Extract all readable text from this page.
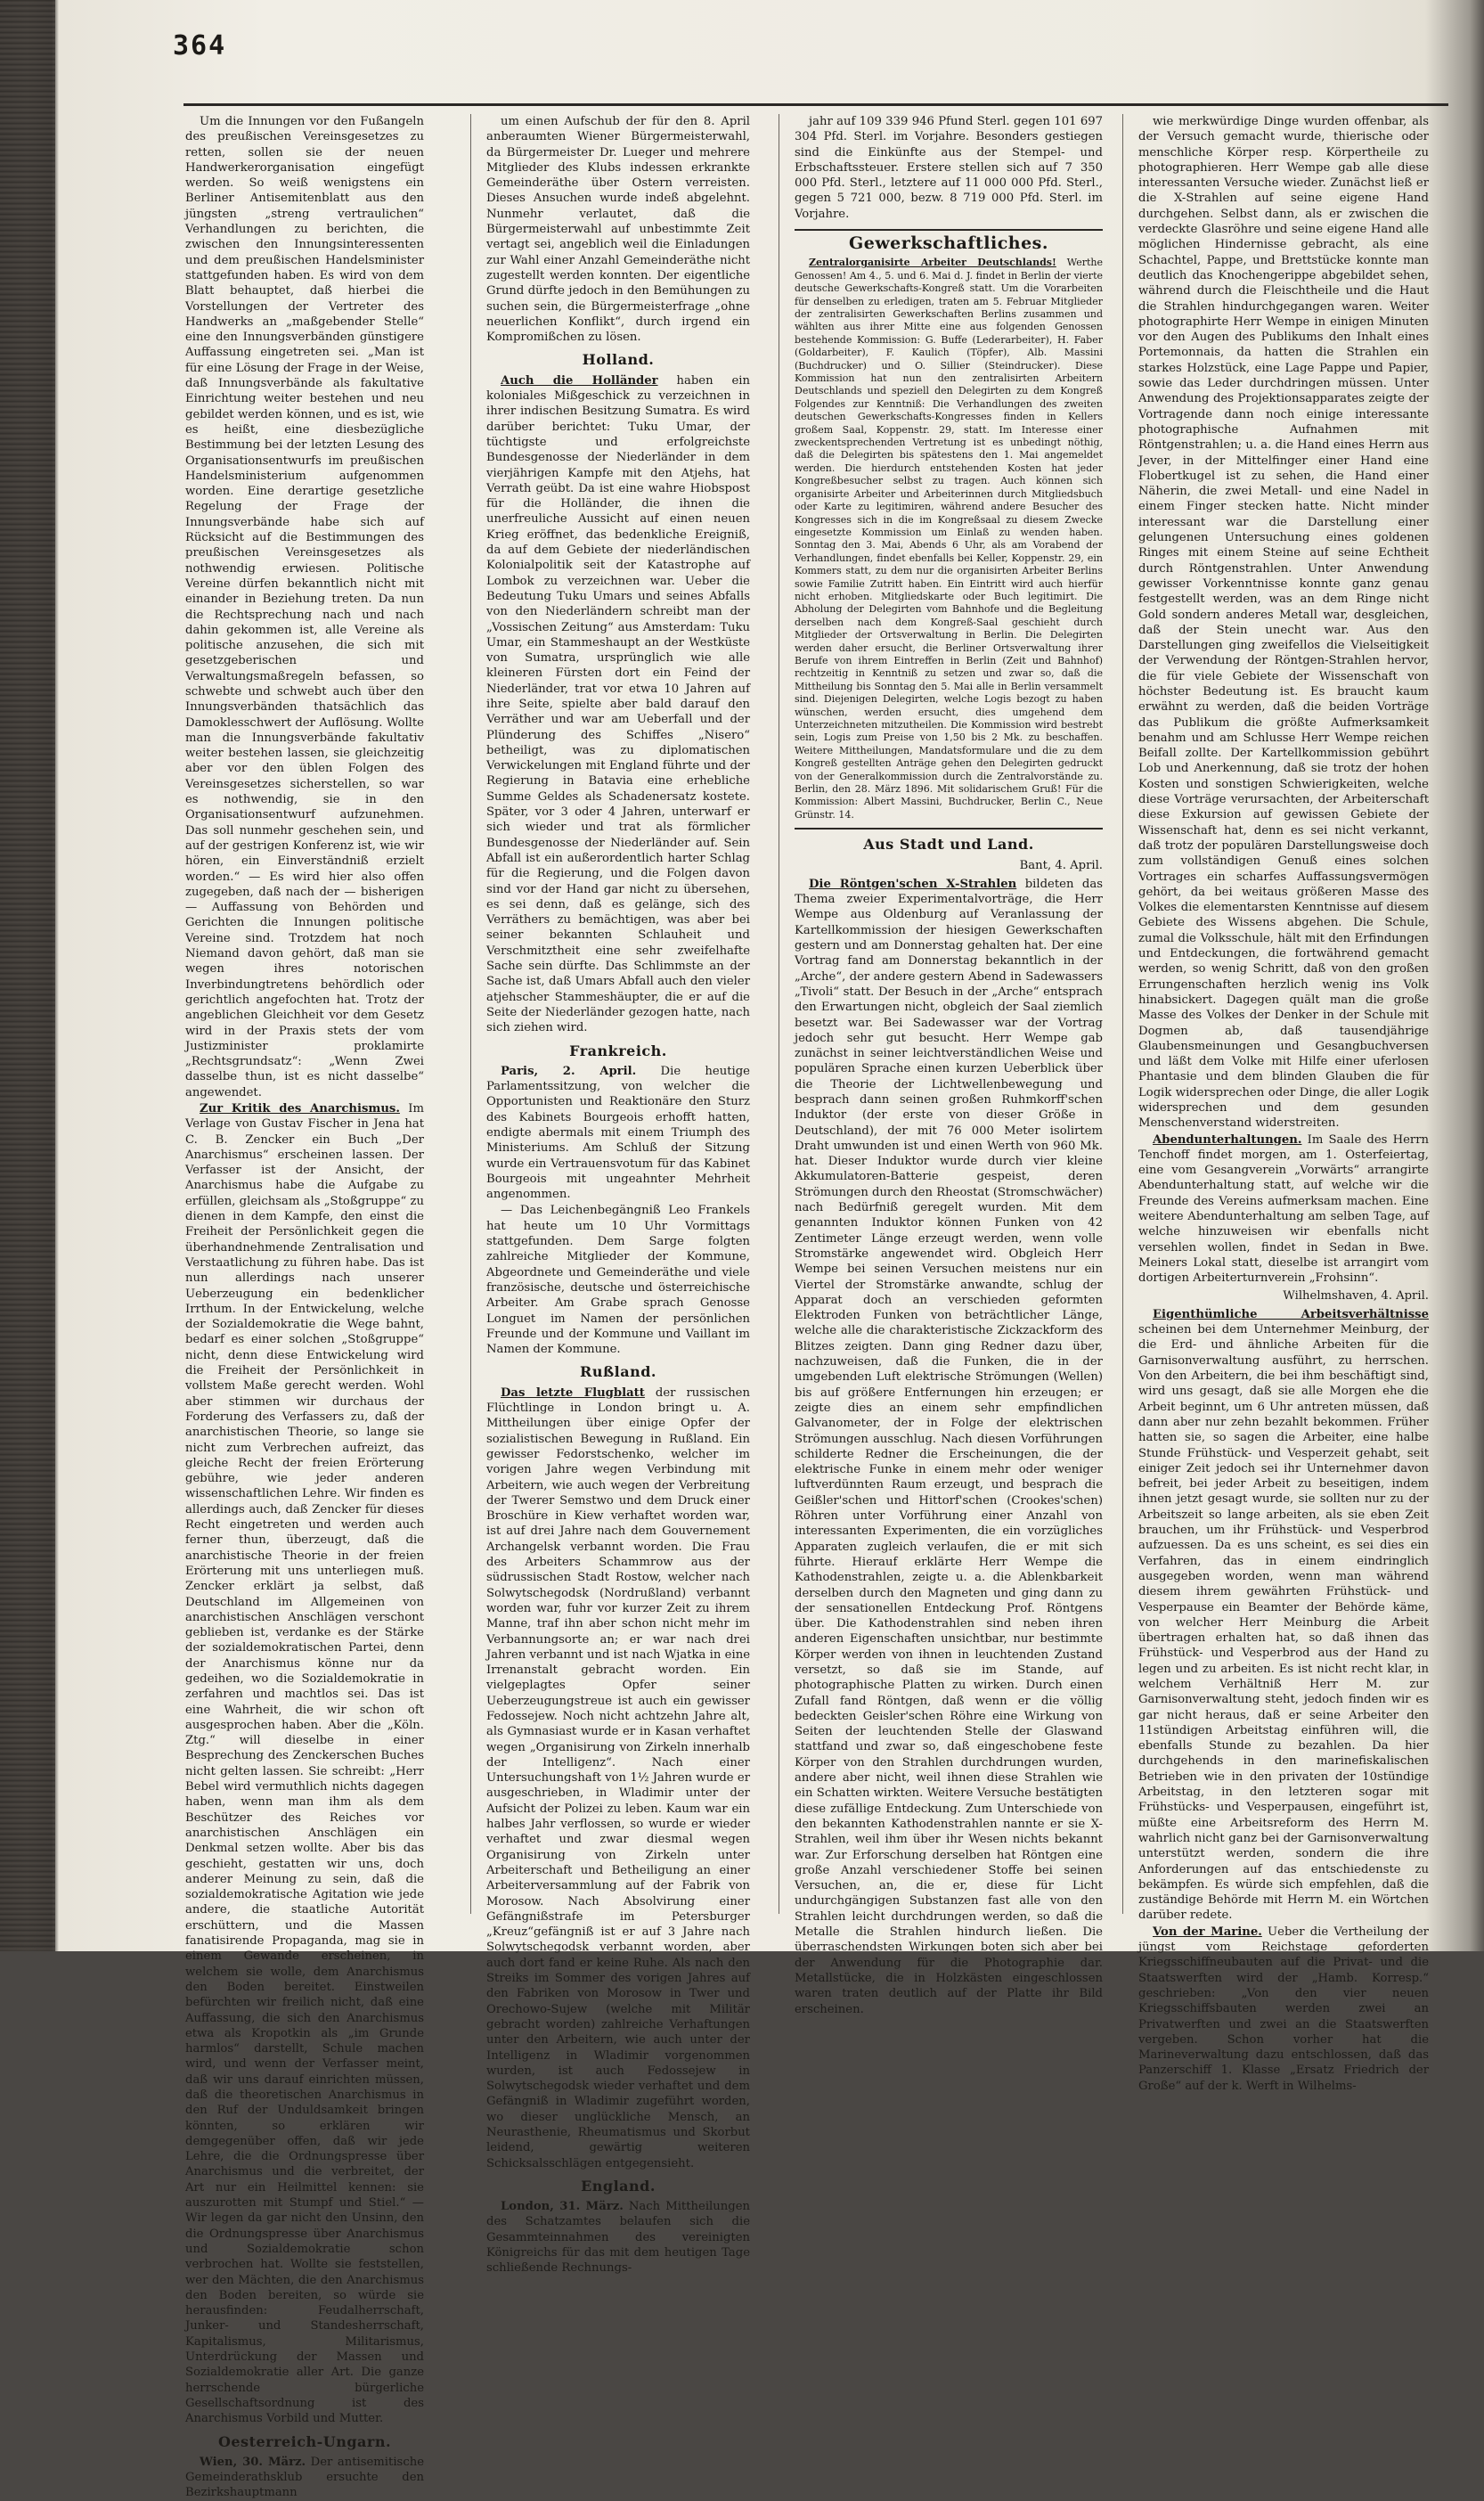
364

Um die Innungen vor den Fußangeln des preußischen Vereinsgesetzes zu retten, sollen sie der neuen Handwerkerorganisation eingefügt werden. So weiß wenigstens ein Berliner Antisemitenblatt aus den jüngsten „streng vertraulichen“ Verhandlungen zu berichten, die zwischen den Innungsinteressenten und dem preußischen Handelsminister stattgefunden haben. Es wird von dem Blatt behauptet, daß hierbei die Vorstellungen der Vertreter des Handwerks an „maßgebender Stelle“ eine den Innungsverbänden günstigere Auffassung eingetreten sei. „Man ist für eine Lösung der Frage in der Weise, daß Innungsverbände als fakultative Einrichtung weiter bestehen und neu gebildet werden können, und es ist, wie es heißt, eine diesbezügliche Bestimmung bei der letzten Lesung des Organisationsentwurfs im preußischen Handelsministerium aufgenommen worden. Eine derartige gesetzliche Regelung der Frage der Innungsverbände habe sich auf Rücksicht auf die Bestimmungen des preußischen Vereinsgesetzes als nothwendig erwiesen. Politische Vereine dürfen bekanntlich nicht mit einander in Beziehung treten. Da nun die Rechtsprechung nach und nach dahin gekommen ist, alle Vereine als politische anzusehen, die sich mit gesetzgeberischen und Verwaltungsmaßregeln befassen, so schwebte und schwebt auch über den Innungsverbänden thatsächlich das Damoklesschwert der Auflösung. Wollte man die Innungsverbände fakultativ weiter bestehen lassen, sie gleichzeitig aber vor den üblen Folgen des Vereinsgesetzes sicherstellen, so war es nothwendig, sie in den Organisationsentwurf aufzunehmen. Das soll nunmehr geschehen sein, und auf der gestrigen Konferenz ist, wie wir hören, ein Einverständniß erzielt worden.“ — Es wird hier also offen zugegeben, daß nach der — bisherigen — Auffassung von Behörden und Gerichten die Innungen politische Vereine sind. Trotzdem hat noch Niemand davon gehört, daß man sie wegen ihres notorischen Inverbindungtretens behördlich oder gerichtlich angefochten hat. Trotz der angeblichen Gleichheit vor dem Gesetz wird in der Praxis stets der vom Justizminister proklamirte „Rechtsgrundsatz“: „Wenn Zwei dasselbe thun, ist es nicht dasselbe“ angewendet.

Zur Kritik des Anarchismus. Im Verlage von Gustav Fischer in Jena hat C. B. Zencker ein Buch „Der Anarchismus“ erscheinen lassen. Der Verfasser ist der Ansicht, der Anarchismus habe die Aufgabe zu erfüllen, gleichsam als „Stoßgruppe“ zu dienen in dem Kampfe, den einst die Freiheit der Persönlichkeit gegen die überhandnehmende Zentralisation und Verstaatlichung zu führen habe. Das ist nun allerdings nach unserer Ueberzeugung ein bedenklicher Irrthum. In der Entwickelung, welche der Sozialdemokratie die Wege bahnt, bedarf es einer solchen „Stoßgruppe“ nicht, denn diese Entwickelung wird die Freiheit der Persönlichkeit in vollstem Maße gerecht werden. Wohl aber stimmen wir durchaus der Forderung des Verfassers zu, daß der anarchistischen Theorie, so lange sie nicht zum Verbrechen aufreizt, das gleiche Recht der freien Erörterung gebühre, wie jeder anderen wissenschaftlichen Lehre. Wir finden es allerdings auch, daß Zencker für dieses Recht eingetreten und werden auch ferner thun, überzeugt, daß die anarchistische Theorie in der freien Erörterung mit uns unterliegen muß. Zencker erklärt ja selbst, daß Deutschland im Allgemeinen von anarchistischen Anschlägen verschont geblieben ist, verdanke es der Stärke der sozialdemokratischen Partei, denn der Anarchismus könne nur da gedeihen, wo die Sozialdemokratie in zerfahren und machtlos sei. Das ist eine Wahrheit, die wir schon oft ausgesprochen haben. Aber die „Köln. Ztg.“ will dieselbe in einer Besprechung des Zenckerschen Buches nicht gelten lassen. Sie schreibt: „Herr Bebel wird vermuthlich nichts dagegen haben, wenn man ihm als dem Beschützer des Reiches vor anarchistischen Anschlägen ein Denkmal setzen wollte. Aber bis das geschieht, gestatten wir uns, doch anderer Meinung zu sein, daß die sozialdemokratische Agitation wie jede andere, die staatliche Autorität erschüttern, und die Massen fanatisirende Propaganda, mag sie in einem Gewande erscheinen, in welchem sie wolle, dem Anarchismus den Boden bereitet. Einstweilen befürchten wir freilich nicht, daß eine Auffassung, die sich den Anarchismus etwa als Kropotkin als „im Grunde harmlos“ darstellt, Schule machen wird, und wenn der Verfasser meint, daß wir uns darauf einrichten müssen, daß die theoretischen Anarchismus in den Ruf der Unduldsamkeit bringen könnten, so erklären wir demgegenüber offen, daß wir jede Lehre, die die Ordnungspresse über Anarchismus und die verbreitet, der Art nur ein Heilmittel kennen: sie auszurotten mit Stumpf und Stiel.“ — Wir legen da gar nicht den Unsinn, den die Ordnungspresse über Anarchismus und Sozialdemokratie schon verbrochen hat. Wollte sie feststellen, wer den Mächten, die den Anarchismus den Boden bereiten, so würde sie herausfinden: Feudalherrschaft, Junker- und Standesherrschaft, Kapitalismus, Militarismus, Unterdrückung der Massen und Sozialdemokratie aller Art. Die ganze herrschende bürgerliche Gesellschaftsordnung ist des Anarchismus Vorbild und Mutter.

Oesterreich-Ungarn.

Wien, 30. März. Der antisemitische Gemeinderathsklub ersuchte den Bezirkshauptmann

um einen Aufschub der für den 8. April anberaumten Wiener Bürgermeisterwahl, da Bürgermeister Dr. Lueger und mehrere Mitglieder des Klubs indessen erkrankte Gemeinderäthe über Ostern verreisten. Dieses Ansuchen wurde indeß abgelehnt. Nunmehr verlautet, daß die Bürgermeisterwahl auf unbestimmte Zeit vertagt sei, angeblich weil die Einladungen zur Wahl einer Anzahl Gemeinderäthe nicht zugestellt werden konnten. Der eigentliche Grund dürfte jedoch in den Bemühungen zu suchen sein, die Bürgermeisterfrage „ohne neuerlichen Konflikt“, durch irgend ein Kompromißchen zu lösen.

Holland.

Auch die Holländer haben ein koloniales Mißgeschick zu verzeichnen in ihrer indischen Besitzung Sumatra. Es wird darüber berichtet: Tuku Umar, der tüchtigste und erfolgreichste Bundesgenosse der Niederländer in dem vierjährigen Kampfe mit den Atjehs, hat Verrath geübt. Da ist eine wahre Hiobspost für die Holländer, die ihnen die unerfreuliche Aussicht auf einen neuen Krieg eröffnet, das bedenkliche Ereigniß, da auf dem Gebiete der niederländischen Kolonialpolitik seit der Katastrophe auf Lombok zu verzeichnen war. Ueber die Bedeutung Tuku Umars und seines Abfalls von den Niederländern schreibt man der „Vossischen Zeitung“ aus Amsterdam: Tuku Umar, ein Stammeshaupt an der Westküste von Sumatra, ursprünglich wie alle kleineren Fürsten dort ein Feind der Niederländer, trat vor etwa 10 Jahren auf ihre Seite, spielte aber bald darauf den Verräther und war am Ueberfall und der Plünderung des Schiffes „Nisero“ betheiligt, was zu diplomatischen Verwickelungen mit England führte und der Regierung in Batavia eine erhebliche Summe Geldes als Schadenersatz kostete. Später, vor 3 oder 4 Jahren, unterwarf er sich wieder und trat als förmlicher Bundesgenosse der Niederländer auf. Sein Abfall ist ein außerordentlich harter Schlag für die Regierung, und die Folgen davon sind vor der Hand gar nicht zu übersehen, es sei denn, daß es gelänge, sich des Verräthers zu bemächtigen, was aber bei seiner bekannten Schlauheit und Verschmitztheit eine sehr zweifelhafte Sache sein dürfte. Das Schlimmste an der Sache ist, daß Umars Abfall auch den vieler atjehscher Stammeshäupter, die er auf die Seite der Niederländer gezogen hatte, nach sich ziehen wird.

Frankreich.

Paris, 2. April. Die heutige Parlamentssitzung, von welcher die Opportunisten und Reaktionäre den Sturz des Kabinets Bourgeois erhofft hatten, endigte abermals mit einem Triumph des Ministeriums. Am Schluß der Sitzung wurde ein Vertrauensvotum für das Kabinet Bourgeois mit ungeahnter Mehrheit angenommen.

— Das Leichenbegängniß Leo Frankels hat heute um 10 Uhr Vormittags stattgefunden. Dem Sarge folgten zahlreiche Mitglieder der Kommune, Abgeordnete und Gemeinderäthe und viele französische, deutsche und österreichische Arbeiter. Am Grabe sprach Genosse Longuet im Namen der persönlichen Freunde und der Kommune und Vaillant im Namen der Kommune.

Rußland.

Das letzte Flugblatt der russischen Flüchtlinge in London bringt u. A. Mittheilungen über einige Opfer der sozialistischen Bewegung in Rußland. Ein gewisser Fedorstschenko, welcher im vorigen Jahre wegen Verbindung mit Arbeitern, wie auch wegen der Verbreitung der Twerer Semstwo und dem Druck einer Broschüre in Kiew verhaftet worden war, ist auf drei Jahre nach dem Gouvernement Archangelsk verbannt worden. Die Frau des Arbeiters Schammrow aus der südrussischen Stadt Rostow, welcher nach Solwytschegodsk (Nordrußland) verbannt worden war, fuhr vor kurzer Zeit zu ihrem Manne, traf ihn aber schon nicht mehr im Verbannungsorte an; er war nach drei Jahren verbannt und ist nach Wjatka in eine Irrenanstalt gebracht worden. Ein vielgeplagtes Opfer seiner Ueberzeugungstreue ist auch ein gewisser Fedossejew. Noch nicht achtzehn Jahre alt, als Gymnasiast wurde er in Kasan verhaftet wegen „Organisirung von Zirkeln innerhalb der Intelligenz“. Nach einer Untersuchungshaft von 1½ Jahren wurde er ausgeschrieben, in Wladimir unter der Aufsicht der Polizei zu leben. Kaum war ein halbes Jahr verflossen, so wurde er wieder verhaftet und zwar diesmal wegen Organisirung von Zirkeln unter Arbeiterschaft und Betheiligung an einer Arbeiterversammlung auf der Fabrik von Morosow. Nach Absolvirung einer Gefängnißstrafe im Petersburger „Kreuz“gefängniß ist er auf 3 Jahre nach Solwytschegodsk verbannt worden, aber auch dort fand er keine Ruhe. Als nach den Streiks im Sommer des vorigen Jahres auf den Fabriken von Morosow in Twer und Orechowo-Sujew (welche mit Militär gebracht worden) zahlreiche Verhaftungen unter den Arbeitern, wie auch unter der Intelligenz in Wladimir vorgenommen wurden, ist auch Fedossejew in Solwytschegodsk wieder verhaftet und dem Gefängniß in Wladimir zugeführt worden, wo dieser unglückliche Mensch, an Neurasthenie, Rheumatismus und Skorbut leidend, gewärtig weiteren Schicksalsschlägen entgegensieht.

England.

London, 31. März. Nach Mittheilungen des Schatzamtes belaufen sich die Gesammteinnahmen des vereinigten Königreichs für das mit dem heutigen Tage schließende Rechnungs-

jahr auf 109 339 946 Pfund Sterl. gegen 101 697 304 Pfd. Sterl. im Vorjahre. Besonders gestiegen sind die Einkünfte aus der Stempel- und Erbschaftssteuer. Erstere stellen sich auf 7 350 000 Pfd. Sterl., letztere auf 11 000 000 Pfd. Sterl., gegen 5 721 000, bezw. 8 719 000 Pfd. Sterl. im Vorjahre.

Gewerkschaftliches.

Zentralorganisirte Arbeiter Deutschlands! Werthe Genossen! Am 4., 5. und 6. Mai d. J. findet in Berlin der vierte deutsche Gewerkschafts-Kongreß statt. Um die Vorarbeiten für denselben zu erledigen, traten am 5. Februar Mitglieder der zentralisirten Gewerkschaften Berlins zusammen und wählten aus ihrer Mitte eine aus folgenden Genossen bestehende Kommission: G. Buffe (Lederarbeiter), H. Faber (Goldarbeiter), F. Kaulich (Töpfer), Alb. Massini (Buchdrucker) und O. Sillier (Steindrucker). Diese Kommission hat nun den zentralisirten Arbeitern Deutschlands und speziell den Delegirten zu dem Kongreß Folgendes zur Kenntniß: Die Verhandlungen des zweiten deutschen Gewerkschafts-Kongresses finden in Kellers großem Saal, Koppenstr. 29, statt. Im Interesse einer zweckentsprechenden Vertretung ist es unbedingt nöthig, daß die Delegirten bis spätestens den 1. Mai angemeldet werden. Die hierdurch entstehenden Kosten hat jeder Kongreßbesucher selbst zu tragen. Auch können sich organisirte Arbeiter und Arbeiterinnen durch Mitgliedsbuch oder Karte zu legitimiren, während andere Besucher des Kongresses sich in die im Kongreßsaal zu diesem Zwecke eingesetzte Kommission um Einlaß zu wenden haben. Sonntag den 3. Mai, Abends 6 Uhr, als am Vorabend der Verhandlungen, findet ebenfalls bei Keller, Koppenstr. 29, ein Kommers statt, zu dem nur die organisirten Arbeiter Berlins sowie Familie Zutritt haben. Ein Eintritt wird auch hierfür nicht erhoben. Mitgliedskarte oder Buch legitimirt. Die Abholung der Delegirten vom Bahnhofe und die Begleitung derselben nach dem Kongreß-Saal geschieht durch Mitglieder der Ortsverwaltung in Berlin. Die Delegirten werden daher ersucht, die Berliner Ortsverwaltung ihrer Berufe von ihrem Eintreffen in Berlin (Zeit und Bahnhof) rechtzeitig in Kenntniß zu setzen und zwar so, daß die Mittheilung bis Sonntag den 5. Mai alle in Berlin versammelt sind. Diejenigen Delegirten, welche Logis bezogt zu haben wünschen, werden ersucht, dies umgehend dem Unterzeichneten mitzutheilen. Die Kommission wird bestrebt sein, Logis zum Preise von 1,50 bis 2 Mk. zu beschaffen. Weitere Mittheilungen, Mandatsformulare und die zu dem Kongreß gestellten Anträge gehen den Delegirten gedruckt von der Generalkommission durch die Zentralvorstände zu. Berlin, den 28. März 1896. Mit solidarischem Gruß! Für die Kommission: Albert Massini, Buchdrucker, Berlin C., Neue Grünstr. 14.

Aus Stadt und Land.

Bant, 4. April.

Die Röntgen'schen X-Strahlen bildeten das Thema zweier Experimentalvorträge, die Herr Wempe aus Oldenburg auf Veranlassung der Kartellkommission der hiesigen Gewerkschaften gestern und am Donnerstag gehalten hat. Der eine Vortrag fand am Donnerstag bekanntlich in der „Arche“, der andere gestern Abend in Sadewassers „Tivoli“ statt. Der Besuch in der „Arche“ entsprach den Erwartungen nicht, obgleich der Saal ziemlich besetzt war. Bei Sadewasser war der Vortrag jedoch sehr gut besucht. Herr Wempe gab zunächst in seiner leichtverständlichen Weise und populären Sprache einen kurzen Ueberblick über die Theorie der Lichtwellenbewegung und besprach dann seinen großen Ruhmkorff'schen Induktor (der erste von dieser Größe in Deutschland), der mit 76 000 Meter isolirtem Draht umwunden ist und einen Werth von 960 Mk. hat. Dieser Induktor wurde durch vier kleine Akkumulatoren-Batterie gespeist, deren Strömungen durch den Rheostat (Stromschwächer) nach Bedürfniß geregelt wurden. Mit dem genannten Induktor können Funken von 42 Zentimeter Länge erzeugt werden, wenn volle Stromstärke angewendet wird. Obgleich Herr Wempe bei seinen Versuchen meistens nur ein Viertel der Stromstärke anwandte, schlug der Apparat doch an verschieden geformten Elektroden Funken von beträchtlicher Länge, welche alle die charakteristische Zickzackform des Blitzes zeigten. Dann ging Redner dazu über, nachzuweisen, daß die Funken, die in der umgebenden Luft elektrische Strömungen (Wellen) bis auf größere Entfernungen hin erzeugen; er zeigte dies an einem sehr empfindlichen Galvanometer, der in Folge der elektrischen Strömungen ausschlug. Nach diesen Vorführungen schilderte Redner die Erscheinungen, die der elektrische Funke in einem mehr oder weniger luftverdünnten Raum erzeugt, und besprach die Geißler'schen und Hittorf'schen (Crookes'schen) Röhren unter Vorführung einer Anzahl von interessanten Experimenten, die ein vorzügliches Apparaten zugleich verlaufen, die er mit sich führte. Hierauf erklärte Herr Wempe die Kathodenstrahlen, zeigte u. a. die Ablenkbarkeit derselben durch den Magneten und ging dann zu der sensationellen Entdeckung Prof. Röntgens über. Die Kathodenstrahlen sind neben ihren anderen Eigenschaften unsichtbar, nur bestimmte Körper werden von ihnen in leuchtenden Zustand versetzt, so daß sie im Stande, auf photographische Platten zu wirken. Durch einen Zufall fand Röntgen, daß wenn er die völlig bedeckten Geisler'schen Röhre eine Wirkung von Seiten der leuchtenden Stelle der Glaswand stattfand und zwar so, daß eingeschobene feste Körper von den Strahlen durchdrungen wurden, andere aber nicht, weil ihnen diese Strahlen wie ein Schatten wirkten. Weitere Versuche bestätigten diese zufällige Entdeckung. Zum Unterschiede von den bekannten Kathodenstrahlen nannte er sie X-Strahlen, weil ihm über ihr Wesen nichts bekannt war. Zur Erforschung derselben hat Röntgen eine große Anzahl verschiedener Stoffe bei seinen Versuchen, an, die er, diese für Licht undurchgängigen Substanzen fast alle von den Strahlen leicht durchdrungen werden, so daß die Metalle die Strahlen hindurch ließen. Die überraschendsten Wirkungen boten sich aber bei der Anwendung für die Photographie dar. Metallstücke, die in Holzkästen eingeschlossen waren traten deutlich auf der Platte ihr Bild erscheinen.

wie merkwürdige Dinge wurden offenbar, als der Versuch gemacht wurde, thierische oder menschliche Körper resp. Körpertheile zu photographieren. Herr Wempe gab alle diese interessanten Versuche wieder. Zunächst ließ er die X-Strahlen auf seine eigene Hand durchgehen. Selbst dann, als er zwischen die verdeckte Glasröhre und seine eigene Hand alle möglichen Hindernisse gebracht, als eine Schachtel, Pappe, und Brettstücke konnte man deutlich das Knochengerippe abgebildet sehen, während durch die Fleischtheile und die Haut die Strahlen hindurchgegangen waren. Weiter photographirte Herr Wempe in einigen Minuten vor den Augen des Publikums den Inhalt eines Portemonnais, da hatten die Strahlen ein starkes Holzstück, eine Lage Pappe und Papier, sowie das Leder durchdringen müssen. Unter Anwendung des Projektionsapparates zeigte der Vortragende dann noch einige interessante photographische Aufnahmen mit Röntgenstrahlen; u. a. die Hand eines Herrn aus Jever, in der Mittelfinger einer Hand eine Flobertkugel ist zu sehen, die Hand einer Näherin, die zwei Metall- und eine Nadel in einem Finger stecken hatte. Nicht minder interessant war die Darstellung einer gelungenen Untersuchung eines goldenen Ringes mit einem Steine auf seine Echtheit durch Röntgenstrahlen. Unter Anwendung gewisser Vorkenntnisse konnte ganz genau festgestellt werden, was an dem Ringe nicht Gold sondern anderes Metall war, desgleichen, daß der Stein unecht war. Aus den Darstellungen ging zweifellos die Vielseitigkeit der Verwendung der Röntgen-Strahlen hervor, die für viele Gebiete der Wissenschaft von höchster Bedeutung ist. Es braucht kaum erwähnt zu werden, daß die beiden Vorträge das Publikum die größte Aufmerksamkeit benahm und am Schlusse Herr Wempe reichen Beifall zollte. Der Kartellkommission gebührt Lob und Anerkennung, daß sie trotz der hohen Kosten und sonstigen Schwierigkeiten, welche diese Vorträge verursachten, der Arbeiterschaft diese Exkursion auf gewissen Gebiete der Wissenschaft hat, denn es sei nicht verkannt, daß trotz der populären Darstellungsweise doch zum vollständigen Genuß eines solchen Vortrages ein scharfes Auffassungsvermögen gehört, da bei weitaus größeren Masse des Volkes die elementarsten Kenntnisse auf diesem Gebiete des Wissens abgehen. Die Schule, zumal die Volksschule, hält mit den Erfindungen und Entdeckungen, die fortwährend gemacht werden, so wenig Schritt, daß von den großen Errungenschaften herzlich wenig ins Volk hinabsickert. Dagegen quält man die große Masse des Volkes der Denker in der Schule mit Dogmen ab, daß tausendjährige Glaubensmeinungen und Gesangbuchversen und läßt dem Volke mit Hilfe einer uferlosen Phantasie und dem blinden Glauben die für Logik widersprechen oder Dinge, die aller Logik widersprechen und dem gesunden Menschenverstand widerstreiten.

Abendunterhaltungen. Im Saale des Herrn Tenchoff findet morgen, am 1. Osterfeiertag, eine vom Gesangverein „Vorwärts“ arrangirte Abendunterhaltung statt, auf welche wir die Freunde des Vereins aufmerksam machen. Eine weitere Abendunterhaltung am selben Tage, auf welche hinzuweisen wir ebenfalls nicht versehlen wollen, findet in Sedan in Bwe. Meiners Lokal statt, dieselbe ist arrangirt vom dortigen Arbeiterturnverein „Frohsinn“.

Wilhelmshaven, 4. April.

Eigenthümliche Arbeitsverhältnisse scheinen bei dem Unternehmer Meinburg, der die Erd- und ähnliche Arbeiten für die Garnisonverwaltung ausführt, zu herrschen. Von den Arbeitern, die bei ihm beschäftigt sind, wird uns gesagt, daß sie alle Morgen ehe die Arbeit beginnt, um 6 Uhr antreten müssen, daß dann aber nur zehn bezahlt bekommen. Früher hatten sie, so sagen die Arbeiter, eine halbe Stunde Frühstück- und Vesperzeit gehabt, seit einiger Zeit jedoch sei ihr Unternehmer davon befreit, bei jeder Arbeit zu beseitigen, indem ihnen jetzt gesagt wurde, sie sollten nur zu der Arbeitszeit so lange arbeiten, als sie eben Zeit brauchen, um ihr Frühstück- und Vesperbrod aufzuessen. Da es uns scheint, es sei dies ein Verfahren, das in einem eindringlich ausgegeben worden, wenn man während diesem ihrem gewährten Frühstück- und Vesperpause ein Beamter der Behörde käme, von welcher Herr Meinburg die Arbeit übertragen erhalten hat, so daß ihnen das Frühstück- und Vesperbrod aus der Hand zu legen und zu arbeiten. Es ist nicht recht klar, in welchem Verhältniß Herr M. zur Garnisonverwaltung steht, jedoch finden wir es gar nicht heraus, daß er seine Arbeiter den 11stündigen Arbeitstag einführen will, die ebenfalls Stunde zu bezahlen. Da hier durchgehends in den marinefiskalischen Betrieben wie in den privaten der 10stündige Arbeitstag, in den letzteren sogar mit Frühstücks- und Vesperpausen, eingeführt ist, müßte eine Arbeitsreform des Herrn M. wahrlich nicht ganz bei der Garnisonverwaltung unterstützt werden, sondern die ihre Anforderungen auf das entschiedenste zu bekämpfen. Es würde sich empfehlen, daß die zuständige Behörde mit Herrn M. ein Wörtchen darüber redete.

Von der Marine. Ueber die Vertheilung der jüngst vom Reichstage geforderten Kriegsschiffneubauten auf die Privat- und die Staatswerften wird der „Hamb. Korresp.“ geschrieben: „Von den vier neuen Kriegsschiffsbauten werden zwei an Privatwerften und zwei an die Staatswerften vergeben. Schon vorher hat die Marineverwaltung dazu entschlossen, daß das Panzerschiff 1. Klasse „Ersatz Friedrich der Große“ auf der k. Werft in Wilhelms-
